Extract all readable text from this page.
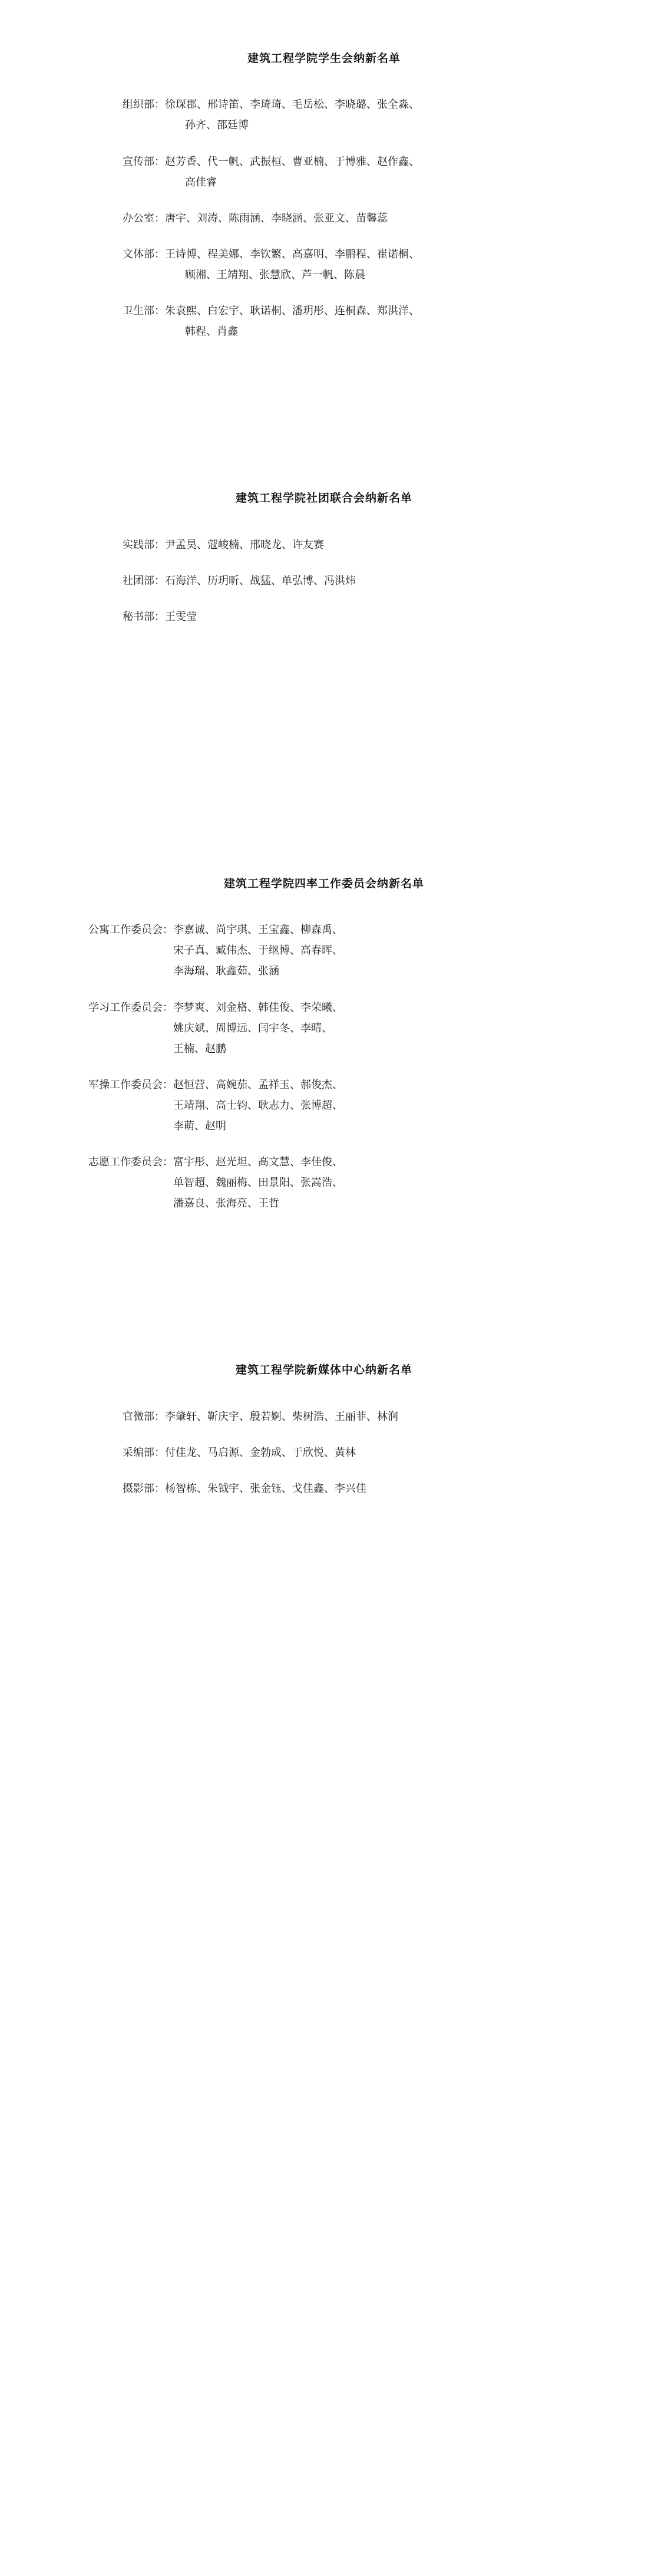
建筑工程学院学生会纳新名单
组织部： 徐琛郡、邢诗笛、李琦琦、毛岳松、李晓璐、张全淼、
孙齐、邵廷博
宣传部： 赵芳香、代一帆、武振桓、曹亚楠、于博雅、赵作鑫、
高佳睿
办公室： 唐宇、刘涛、陈雨涵、李晓涵、张亚文、苗馨蕊
文体部： 王诗博、程美娜、李钦繁、高嘉明、李鹏程、崔诺桐、
顾湘、王靖翔、张慧欣、芦一帆、陈晨
卫生部： 朱袁熙、白宏宇、耿诺桐、潘玥彤、连桐森、郑洪洋、
韩程、肖鑫
建筑工程学院社团联合会纳新名单
实践部： 尹孟昊、蔻峻楠、邢晓龙、许友赛
社团部： 石海洋、历玥昕、战猛、单弘博、冯洪炜
秘书部： 王雯莹
建筑工程学院四率工作委员会纳新名单
公寓工作委员会： 李嘉诚、尚宇琪、王宝鑫、柳森禹、
宋子真、臧伟杰、于继博、高春晖、
李海瑞、耿鑫茹、张涵
学习工作委员会： 李梦爽、刘金格、韩佳俊、李荣曦、
姚庆斌、周博远、闫宇冬、李晴、
王楠、赵鹏
军操工作委员会： 赵恒营、高婉茄、孟祥玉、郝俊杰、
王靖翔、高士钧、耿志力、张博超、
李萌、赵明
志愿工作委员会： 富宇彤、赵光坦、高文慧、李佳俊、
单智超、魏丽梅、田景阳、张嵩浩、
潘嘉良、张海亮、王哲
建筑工程学院新媒体中心纳新名单
官微部： 李肇轩、靳庆宇、殷若婀、柴树浩、王丽菲、林润
采编部： 付佳龙、马启源、金勃成、于欣悦、黄林
摄影部： 杨智栋、朱钺宇、张金钰、戈佳鑫、李兴佳
